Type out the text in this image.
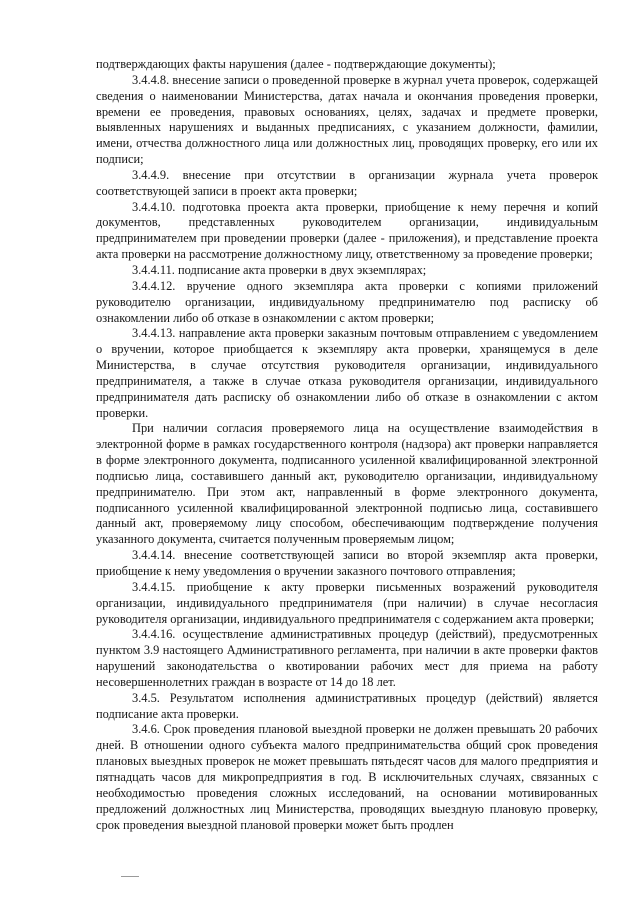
подтверждающих факты нарушения (далее - подтверждающие документы);

3.4.4.8. внесение записи о проведенной проверке в журнал учета проверок, содержащей сведения о наименовании Министерства, датах начала и окончания проведения проверки, времени ее проведения, правовых основаниях, целях, задачах и предмете проверки, выявленных нарушениях и выданных предписаниях, с указанием должности, фамилии, имени, отчества должностного лица или должностных лиц, проводящих проверку, его или их подписи;

3.4.4.9. внесение при отсутствии в организации журнала учета проверок соответствующей записи в проект акта проверки;

3.4.4.10. подготовка проекта акта проверки, приобщение к нему перечня и копий документов, представленных руководителем организации, индивидуальным предпринимателем при проведении проверки (далее - приложения), и представление проекта акта проверки на рассмотрение должностному лицу, ответственному за проведение проверки;

3.4.4.11. подписание акта проверки в двух экземплярах;

3.4.4.12. вручение одного экземпляра акта проверки с копиями приложений руководителю организации, индивидуальному предпринимателю под расписку об ознакомлении либо об отказе в ознакомлении с актом проверки;

3.4.4.13. направление акта проверки заказным почтовым отправлением с уведомлением о вручении, которое приобщается к экземпляру акта проверки, хранящемуся в деле Министерства, в случае отсутствия руководителя организации, индивидуального предпринимателя, а также в случае отказа руководителя организации, индивидуального предпринимателя дать расписку об ознакомлении либо об отказе в ознакомлении с актом проверки.

При наличии согласия проверяемого лица на осуществление взаимодействия в электронной форме в рамках государственного контроля (надзора) акт проверки направляется в форме электронного документа, подписанного усиленной квалифицированной электронной подписью лица, составившего данный акт, руководителю организации, индивидуальному предпринимателю. При этом акт, направленный в форме электронного документа, подписанного усиленной квалифицированной электронной подписью лица, составившего данный акт, проверяемому лицу способом, обеспечивающим подтверждение получения указанного документа, считается полученным проверяемым лицом;

3.4.4.14. внесение соответствующей записи во второй экземпляр акта проверки, приобщение к нему уведомления о вручении заказного почтового отправления;

3.4.4.15. приобщение к акту проверки письменных возражений руководителя организации, индивидуального предпринимателя (при наличии) в случае несогласия руководителя организации, индивидуального предпринимателя с содержанием акта проверки;

3.4.4.16. осуществление административных процедур (действий), предусмотренных пунктом 3.9 настоящего Административного регламента, при наличии в акте проверки фактов нарушений законодательства о квотировании рабочих мест для приема на работу несовершеннолетних граждан в возрасте от 14 до 18 лет.

3.4.5. Результатом исполнения административных процедур (действий) является подписание акта проверки.

3.4.6. Срок проведения плановой выездной проверки не должен превышать 20 рабочих дней. В отношении одного субъекта малого предпринимательства общий срок проведения плановых выездных проверок не может превышать пятьдесят часов для малого предприятия и пятнадцать часов для микропредприятия в год. В исключительных случаях, связанных с необходимостью проведения сложных исследований, на основании мотивированных предложений должностных лиц Министерства, проводящих выездную плановую проверку, срок проведения выездной плановой проверки может быть продлен
